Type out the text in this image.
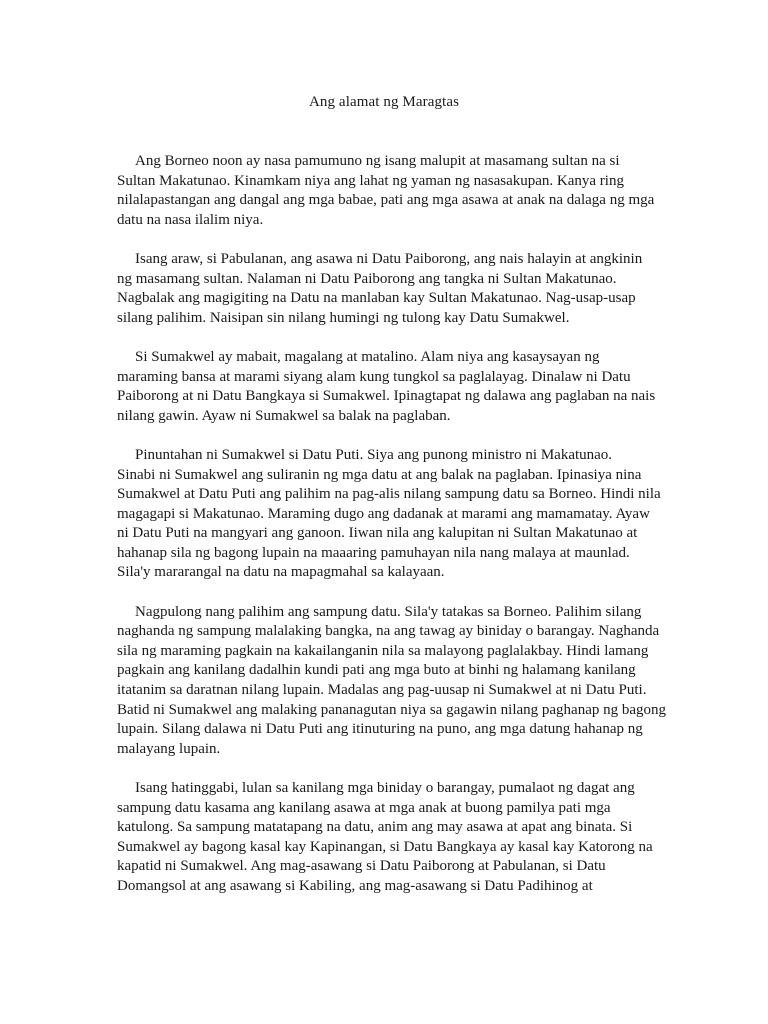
Ang alamat ng Maragtas
Ang Borneo noon ay nasa pamumuno ng isang malupit at masamang sultan na si
Sultan Makatunao. Kinamkam niya ang lahat ng yaman ng nasasakupan. Kanya ring
nilalapastangan ang dangal ang mga babae, pati ang mga asawa at anak na dalaga ng mga
datu na nasa ilalim niya.
Isang araw, si Pabulanan, ang asawa ni Datu Paiborong, ang nais halayin at angkinin
ng masamang sultan. Nalaman ni Datu Paiborong ang tangka ni Sultan Makatunao.
Nagbalak ang magigiting na Datu na manlaban kay Sultan Makatunao. Nag-usap-usap
silang palihim. Naisipan sin nilang humingi ng tulong kay Datu Sumakwel.
Si Sumakwel ay mabait, magalang at matalino. Alam niya ang kasaysayan ng
maraming bansa at marami siyang alam kung tungkol sa paglalayag. Dinalaw ni Datu
Paiborong at ni Datu Bangkaya si Sumakwel. Ipinagtapat ng dalawa ang paglaban na nais
nilang gawin. Ayaw ni Sumakwel sa balak na paglaban.
Pinuntahan ni Sumakwel si Datu Puti. Siya ang punong ministro ni Makatunao.
Sinabi ni Sumakwel ang suliranin ng mga datu at ang balak na paglaban. Ipinasiya nina
Sumakwel at Datu Puti ang palihim na pag-alis nilang sampung datu sa Borneo. Hindi nila
magagapi si Makatunao. Maraming dugo ang dadanak at marami ang mamamatay. Ayaw
ni Datu Puti na mangyari ang ganoon. Iiwan nila ang kalupitan ni Sultan Makatunao at
hahanap sila ng bagong lupain na maaaring pamuhayan nila nang malaya at maunlad.
Sila'y mararangal na datu na mapagmahal sa kalayaan.
Nagpulong nang palihim ang sampung datu. Sila'y tatakas sa Borneo. Palihim silang
naghanda ng sampung malalaking bangka, na ang tawag ay biniday o barangay. Naghanda
sila ng maraming pagkain na kakailanganin nila sa malayong paglalakbay. Hindi lamang
pagkain ang kanilang dadalhin kundi pati ang mga buto at binhi ng halamang kanilang
itatanim sa daratnan nilang lupain. Madalas ang pag-uusap ni Sumakwel at ni Datu Puti.
Batid ni Sumakwel ang malaking pananagutan niya sa gagawin nilang paghanap ng bagong
lupain. Silang dalawa ni Datu Puti ang itinuturing na puno, ang mga datung hahanap ng
malayang lupain.
Isang hatinggabi, lulan sa kanilang mga biniday o barangay, pumalaot ng dagat ang
sampung datu kasama ang kanilang asawa at mga anak at buong pamilya pati mga
katulong. Sa sampung matatapang na datu, anim ang may asawa at apat ang binata. Si
Sumakwel ay bagong kasal kay Kapinangan, si Datu Bangkaya ay kasal kay Katorong na
kapatid ni Sumakwel. Ang mag-asawang si Datu Paiborong at Pabulanan, si Datu
Domangsol at ang asawang si Kabiling, ang mag-asawang si Datu Padihinog at
